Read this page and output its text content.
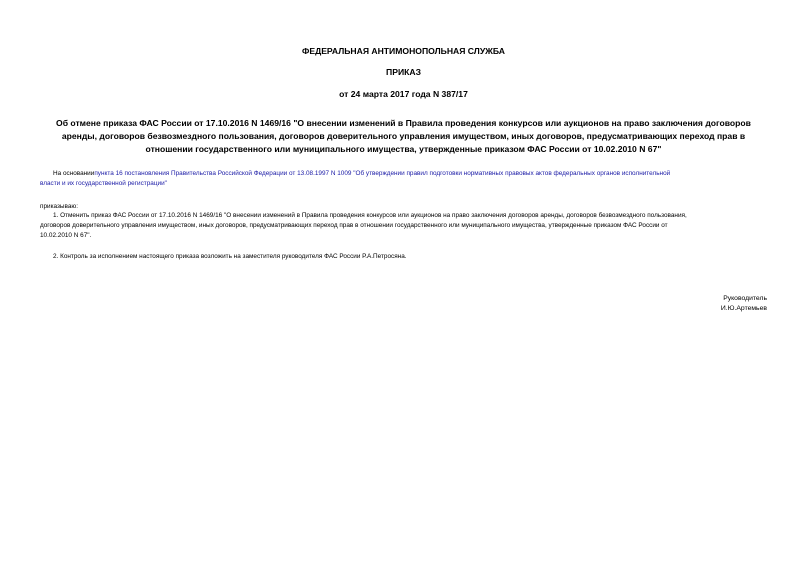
ФЕДЕРАЛЬНАЯ АНТИМОНОПОЛЬНАЯ СЛУЖБА
ПРИКАЗ
от 24 марта 2017 года N 387/17
Об отмене приказа ФАС России от 17.10.2016 N 1469/16 "О внесении изменений в Правила проведения конкурсов или аукционов на право заключения договоров
аренды, договоров безвозмездного пользования, договоров доверительного управления имуществом, иных договоров, предусматривающих переход прав в
отношении государственного или муниципального имущества, утвержденные приказом ФАС России от 10.02.2010 N 67"
На основаниипункта 16 постановления Правительства Российской Федерации от 13.08.1997 N 1009 "Об утверждении правил подготовки нормативных правовых актов федеральных органов исполнительной
власти и их государственной регистрации"
приказываю:
1. Отменить приказ ФАС России от 17.10.2016 N 1469/16 "О внесении изменений в Правила проведения конкурсов или аукционов на право заключения договоров аренды, договоров безвозмездного пользования,
договоров доверительного управления имуществом, иных договоров, предусматривающих переход прав в отношении государственного или муниципального имущества, утвержденные приказом ФАС России от
10.02.2010 N 67".
2. Контроль за исполнением настоящего приказа возложить на заместителя руководителя ФАС России Р.А.Петросяна.
Руководитель
И.Ю.Артемьев
